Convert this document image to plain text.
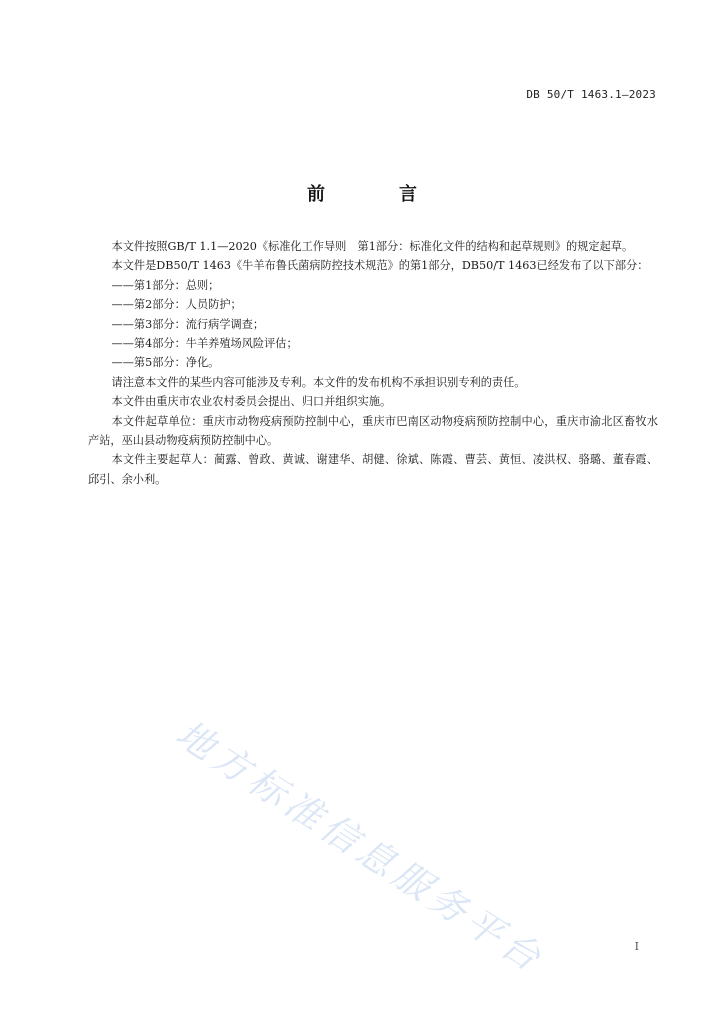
DB 50/T 1463.1—2023
前　言

本文件按照GB/T 1.1—2020《标准化工作导则　第1部分：标准化文件的结构和起草规则》的规定起草。

本文件是DB50/T 1463《牛羊布鲁氏菌病防控技术规范》的第1部分，DB50/T 1463已经发布了以下部分：

——第1部分：总则；

——第2部分：人员防护；

——第3部分：流行病学调查；

——第4部分：牛羊养殖场风险评估；

——第5部分：净化。

请注意本文件的某些内容可能涉及专利。本文件的发布机构不承担识别专利的责任。

本文件由重庆市农业农村委员会提出、归口并组织实施。

本文件起草单位：重庆市动物疫病预防控制中心，重庆市巴南区动物疫病预防控制中心，重庆市渝北区畜牧水产站，巫山县动物疫病预防控制中心。

本文件主要起草人：蔺露、曾政、黄诚、谢建华、胡健、徐斌、陈霞、曹芸、黄恒、凌洪权、骆璐、董春霞、邱引、余小利。

地方标准信息服务平台	I
